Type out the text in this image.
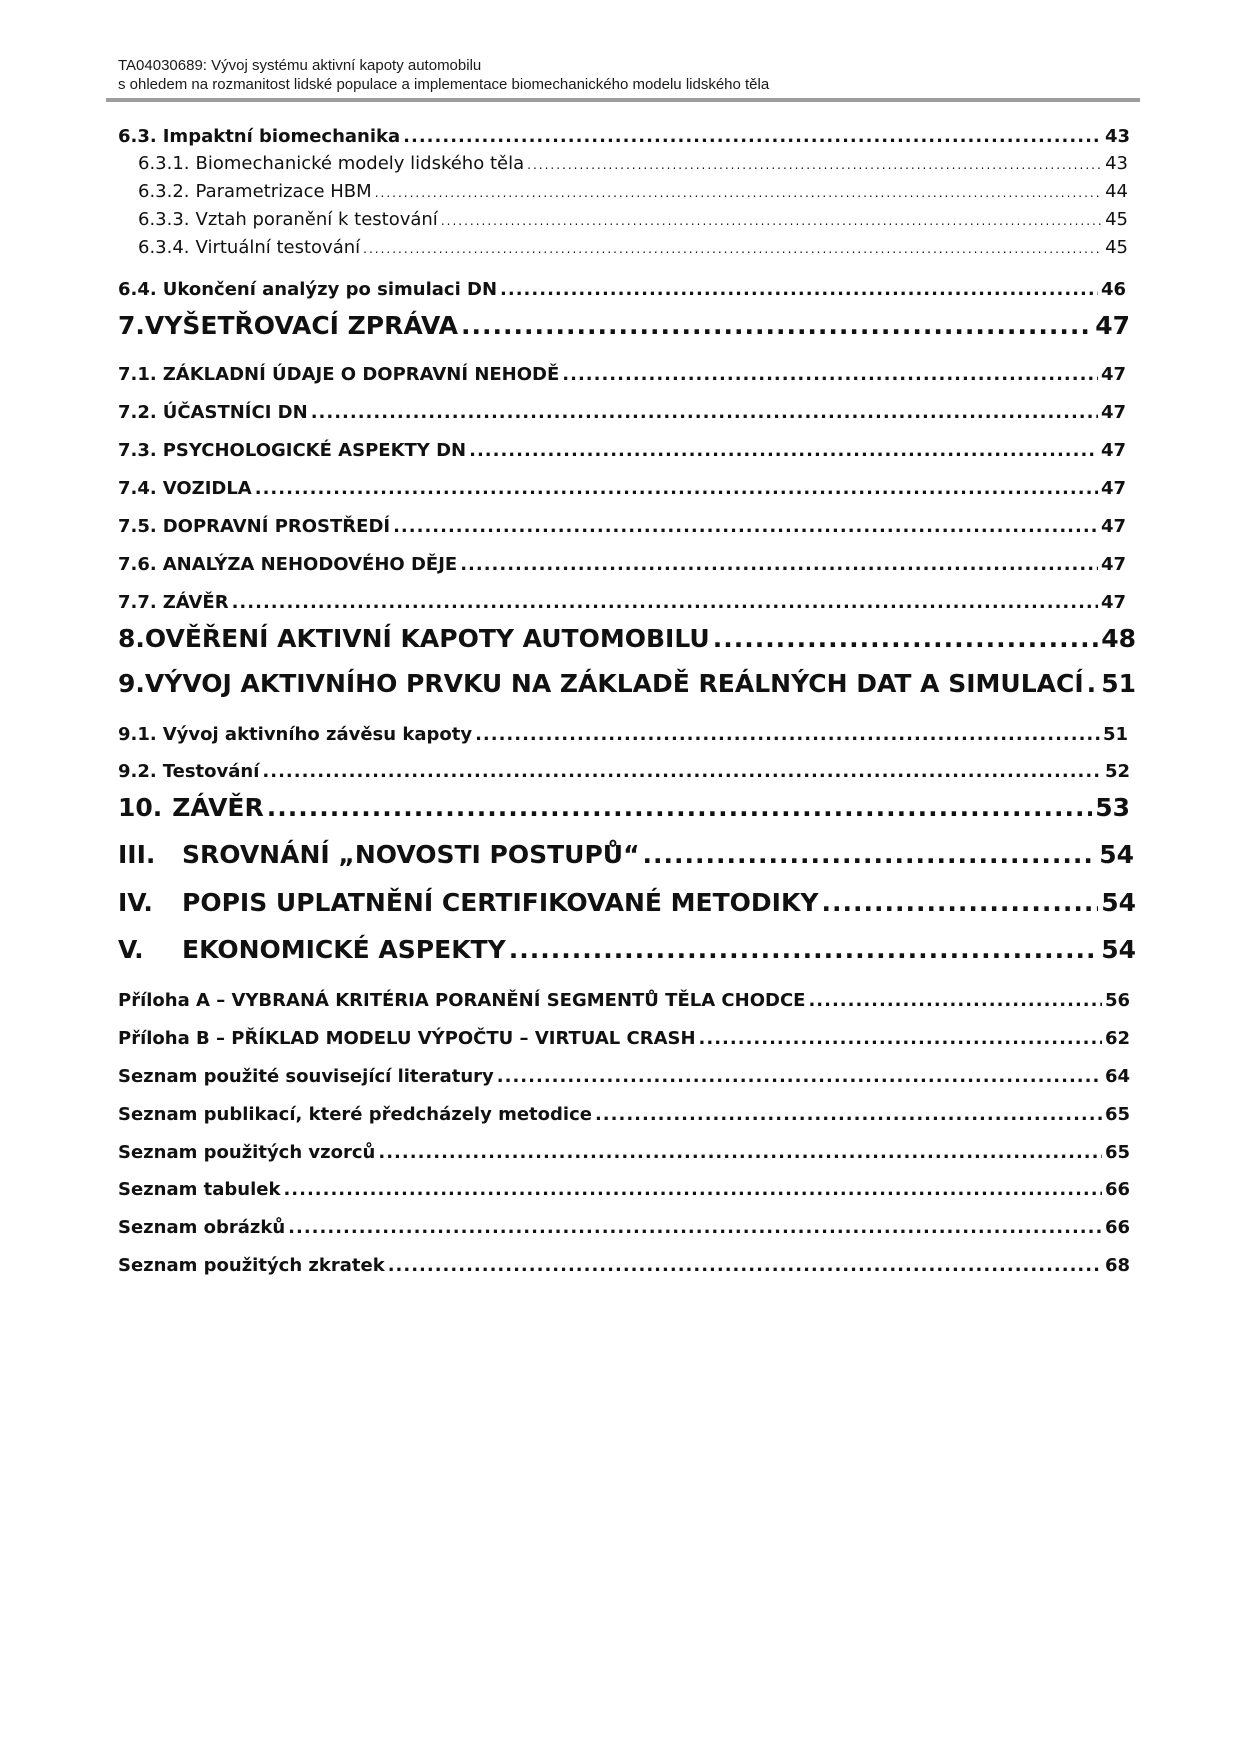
TA04030689: Vývoj systému aktivní kapoty automobilu
s ohledem na rozmanitost lidské populace a implementace biomechanického modelu lidského těla
6.3. Impaktní biomechanika .....	43
6.3.1. Biomechanické modely lidského těla .....	43
6.3.2. Parametrizace HBM .....	44
6.3.3. Vztah poranění k testování .....	45
6.3.4. Virtuální testování .....	45
6.4. Ukončení analýzy po simulaci DN .....	46
7. VYŠETŘOVACÍ ZPRÁVA .....	47
7.1. ZÁKLADNÍ ÚDAJE O DOPRAVNÍ NEHODĚ .....	47
7.2. ÚČASTNÍCI DN .....	47
7.3. PSYCHOLOGICKÉ ASPEKTY DN .....	47
7.4. VOZIDLA .....	47
7.5. DOPRAVNÍ PROSTŘEDÍ .....	47
7.6. ANALÝZA NEHODOVÉHO DĚJE .....	47
7.7. ZÁVĚR .....	47
8. OVĚŘENÍ AKTIVNÍ KAPOTY AUTOMOBILU .....	48
9. VÝVOJ AKTIVNÍHO PRVKU NA ZÁKLADĚ REÁLNÝCH DAT A SIMULACÍ ..... 51
9.1. Vývoj aktivního závěsu kapoty .....	51
9.2. Testování .....	52
10. ZÁVĚR .....	53
III.	SROVNÁNÍ „NOVOSTI POSTUPŮ“ .....	54
IV.	POPIS UPLATNĚNÍ CERTIFIKOVANÉ METODIKY .....	54
V.	EKONOMICKÉ ASPEKTY .....	54
Příloha A – VYBRANÁ KRITÉRIA PORANĚNÍ SEGMENTŮ TĚLA CHODCE .....	56
Příloha B – PŘÍKLAD MODELU VÝPOČTU – VIRTUAL CRASH .....	62
Seznam použité související literatury .....	64
Seznam publikací, které předcházely metodice .....	65
Seznam použitých vzorců .....	65
Seznam tabulek .....	66
Seznam obrázků .....	66
Seznam použitých zkratek .....	68
